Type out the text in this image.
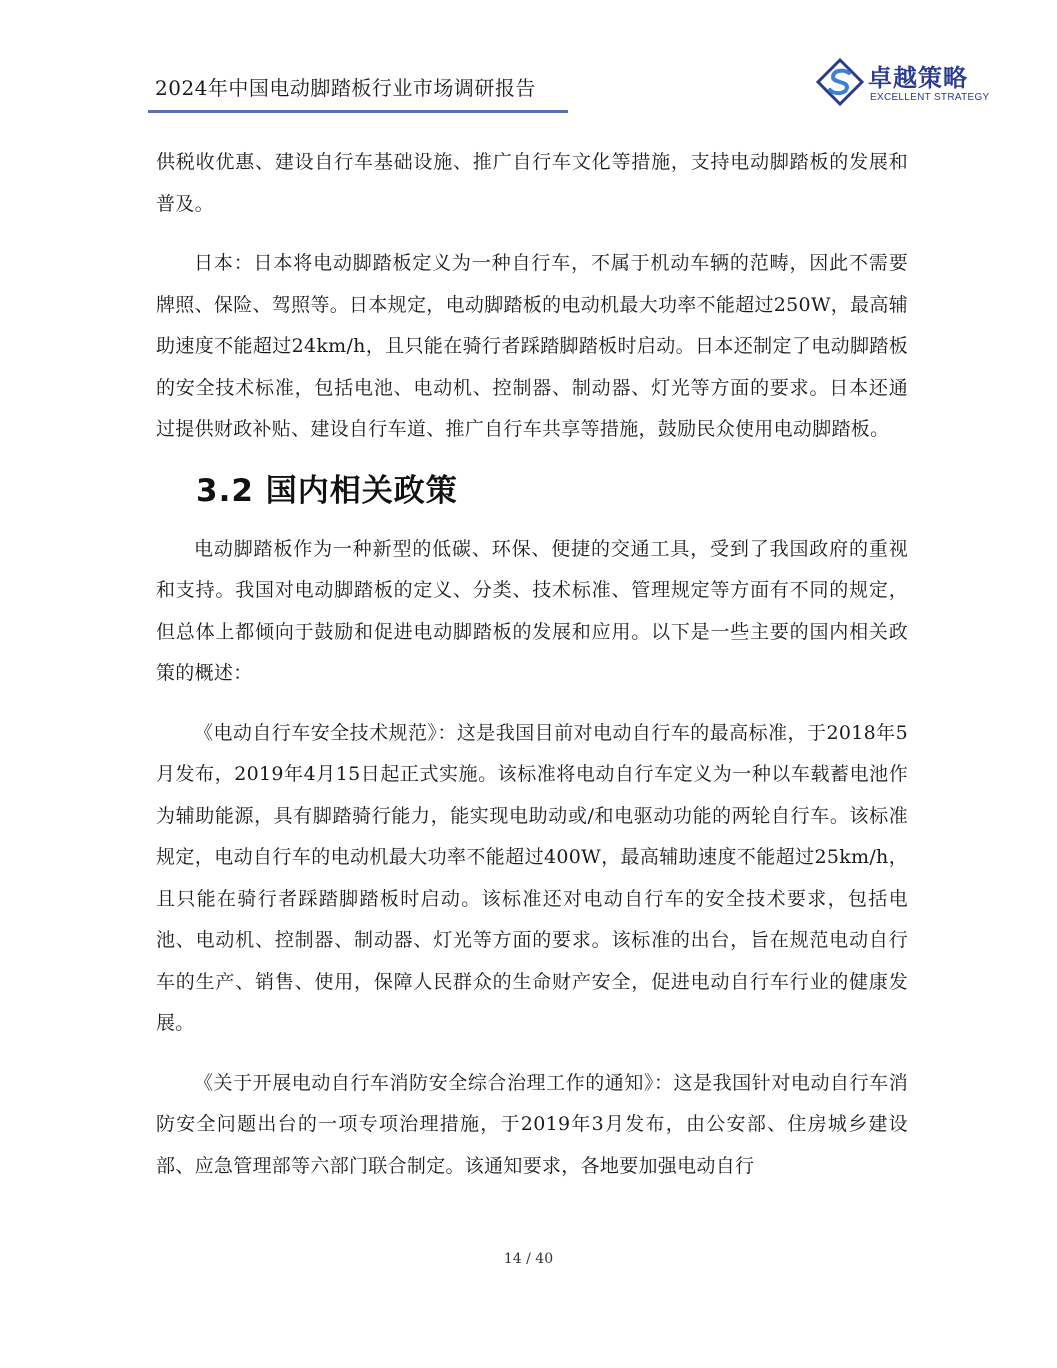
2024年中国电动脚踏板行业市场调研报告	卓越策略
EXCELLENT STRATEGY

供税收优惠、建设自行车基础设施、推广自行车文化等措施，支持电动脚踏板的发展和普及。

日本：日本将电动脚踏板定义为一种自行车，不属于机动车辆的范畴，因此不需要牌照、保险、驾照等。日本规定，电动脚踏板的电动机最大功率不能超过250W，最高辅助速度不能超过24km/h，且只能在骑行者踩踏脚踏板时启动。日本还制定了电动脚踏板的安全技术标准，包括电池、电动机、控制器、制动器、灯光等方面的要求。日本还通过提供财政补贴、建设自行车道、推广自行车共享等措施，鼓励民众使用电动脚踏板。

3.2 国内相关政策

电动脚踏板作为一种新型的低碳、环保、便捷的交通工具，受到了我国政府的重视和支持。我国对电动脚踏板的定义、分类、技术标准、管理规定等方面有不同的规定，但总体上都倾向于鼓励和促进电动脚踏板的发展和应用。以下是一些主要的国内相关政策的概述：

《电动自行车安全技术规范》：这是我国目前对电动自行车的最高标准，于2018年5月发布，2019年4月15日起正式实施。该标准将电动自行车定义为一种以车载蓄电池作为辅助能源，具有脚踏骑行能力，能实现电助动或/和电驱动功能的两轮自行车。该标准规定，电动自行车的电动机最大功率不能超过400W，最高辅助速度不能超过25km/h，且只能在骑行者踩踏脚踏板时启动。该标准还对电动自行车的安全技术要求，包括电池、电动机、控制器、制动器、灯光等方面的要求。该标准的出台，旨在规范电动自行车的生产、销售、使用，保障人民群众的生命财产安全，促进电动自行车行业的健康发展。

《关于开展电动自行车消防安全综合治理工作的通知》：这是我国针对电动自行车消防安全问题出台的一项专项治理措施，于2019年3月发布，由公安部、住房城乡建设部、应急管理部等六部门联合制定。该通知要求，各地要加强电动自行

14 / 40
